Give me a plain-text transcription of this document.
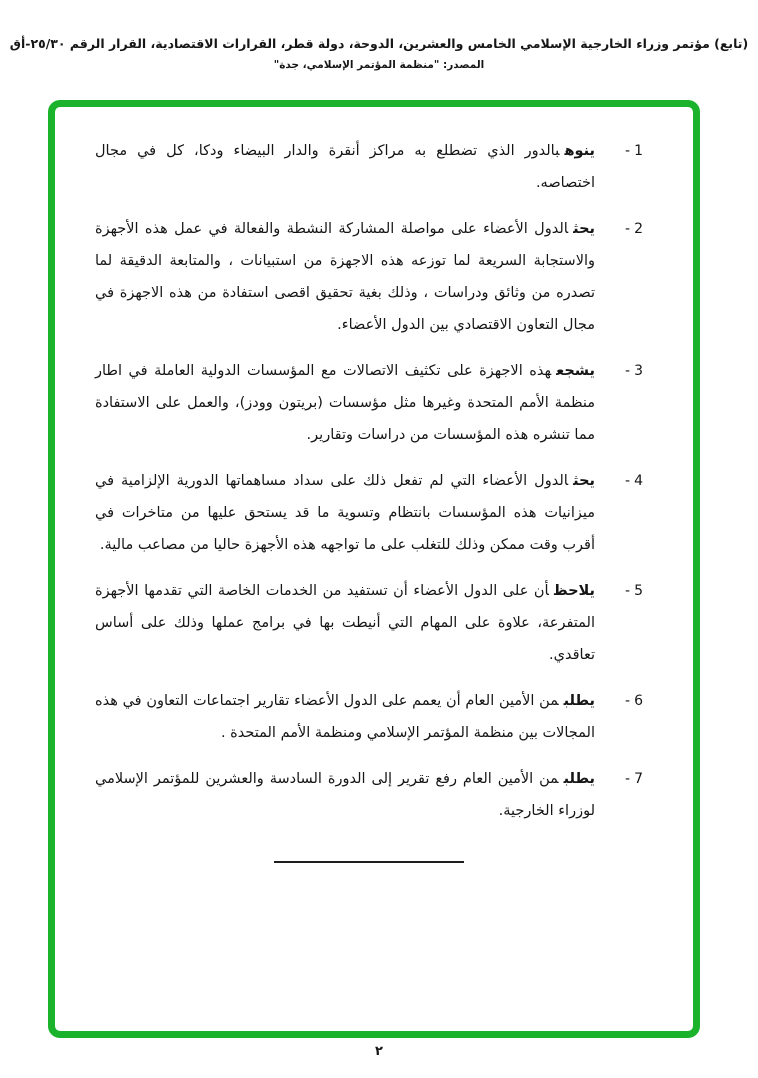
(تابع) مؤتمر وزراء الخارجية الإسلامي الخامس والعشرين، الدوحة، دولة قطر، القرارات الاقتصادية، القرار الرقم ٢٥/٣٠-أق
المصدر: "منظمة المؤتمر الإسلامي، جدة"
1-

ينوهبالدور الذي تضطلع به مراكز أنقرة والدار البيضاء ودكا، كل في مجال اختصاصه.

2-

يحثالدول الأعضاء على مواصلة المشاركة النشطة والفعالة في عمل هذه الأجهزة والاستجابة السريعة لما توزعه هذه الاجهزة من استبيانات ، والمتابعة الدقيقة لما تصدره من وثائق ودراسات ، وذلك بغية تحقيق اقصى استفادة من هذه الاجهزة في مجال التعاون الاقتصادي بين الدول الأعضاء.

3-

يشجعهذه الاجهزة على تكثيف الاتصالات مع المؤسسات الدولية العاملة في اطار منظمة الأمم المتحدة وغيرها مثل مؤسسات (بريتون وودز)، والعمل على الاستفادة مما تنشره هذه المؤسسات من دراسات وتقارير.

4-

يحثالدول الأعضاء التي لم تفعل ذلك على سداد مساهماتها الدورية الإلزامية في ميزانيات هذه المؤسسات بانتظام وتسوية ما قد يستحق عليها من متاخرات في أقرب وقت ممكن وذلك للتغلب على ما تواجهه هذه الأجهزة حاليا من مصاعب مالية.

5-

يلاحظأن على الدول الأعضاء أن تستفيد من الخدمات الخاصة التي تقدمها الأجهزة المتفرعة، علاوة على المهام التي أنيطت بها في برامج عملها وذلك على أساس تعاقدي.

6-

يطلبمن الأمين العام أن يعمم على الدول الأعضاء تقارير اجتماعات التعاون في هذه المجالات بين منظمة المؤتمر الإسلامي ومنظمة الأمم المتحدة .

7-

يطلبمن الأمين العام رفع تقرير إلى الدورة السادسة والعشرين للمؤتمر الإسلامي لوزراء الخارجية.

٢
